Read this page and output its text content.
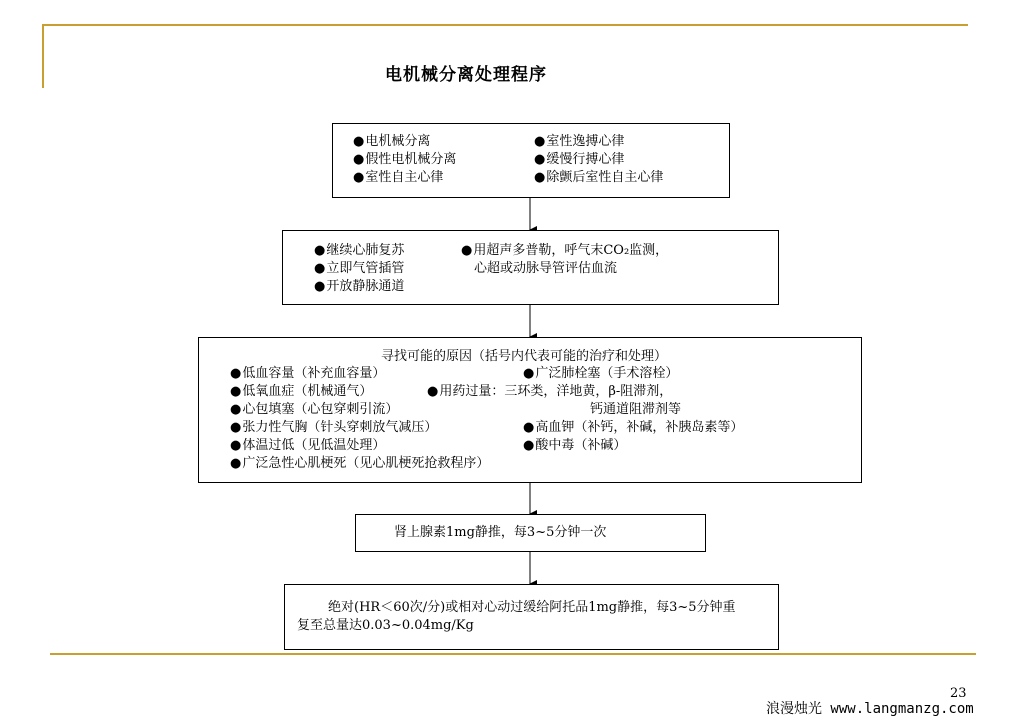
电机械分离处理程序
● 电机械分离
● 假性电机械分离
● 室性自主心律
● 室性逸搏心律
● 缓慢行搏心律
● 除颤后室性自主心律
● 继续心肺复苏
● 立即气管插管
● 开放静脉通道
● 用超声多普勒，呼气末CO₂监测，
心超或动脉导管评估血流
寻找可能的原因（括号内代表可能的治疗和处理）
● 低血容量（补充血容量）
● 低氧血症（机械通气）
● 心包填塞（心包穿刺引流）
● 张力性气胸（针头穿刺放气减压）
● 体温过低（见低温处理）
● 广泛急性心肌梗死（见心肌梗死抢救程序）
● 广泛肺栓塞（手术溶栓）
● 用药过量：三环类，洋地黄，β-阻滞剂，
钙通道阻滞剂等
● 高血钾（补钙，补碱，补胰岛素等）
● 酸中毒（补碱）
肾上腺素1mg静推，每3~5分钟一次
绝对(HR＜60次/分)或相对心动过缓给阿托品1mg静推，每3~5分钟重
复至总量达0.03~0.04mg/Kg
23
浪漫烛光 www.langmanzg.com
